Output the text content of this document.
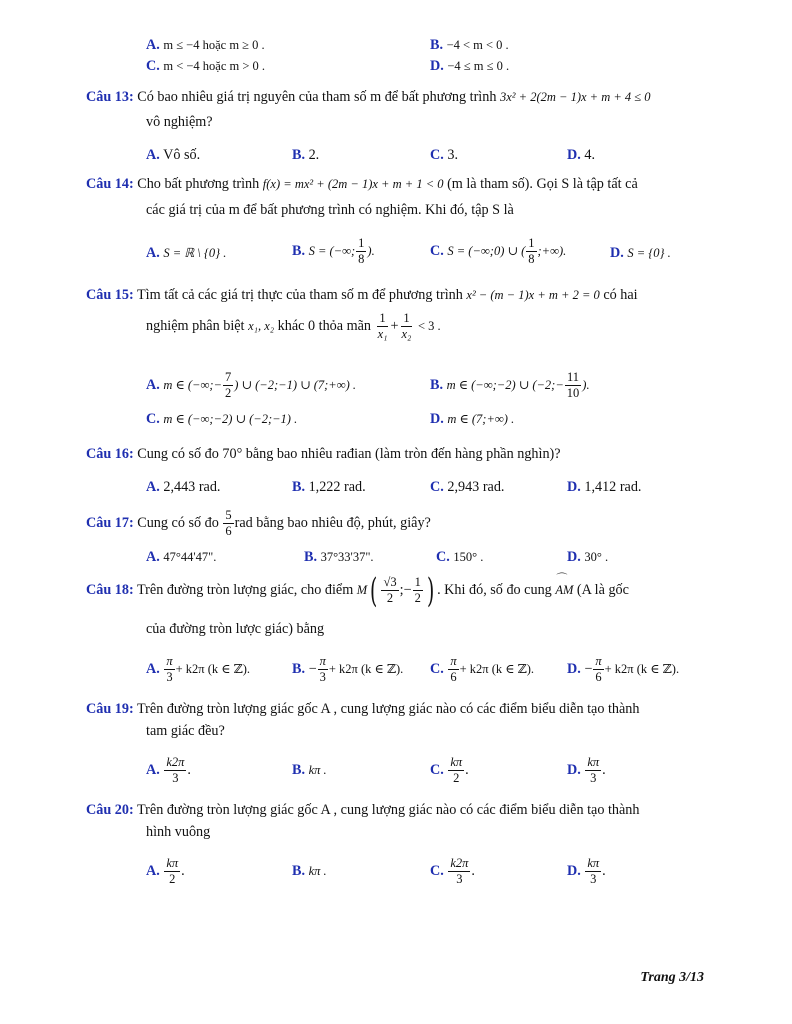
A. m ≤ −4 hoặc m ≥ 0 .	B. −4 < m < 0 .
C. m < −4 hoặc m > 0 .	D. −4 ≤ m ≤ 0 .
Câu 13: Có bao nhiêu giá trị nguyên của tham số m để bất phương trình 3x² + 2(2m − 1)x + m + 4 ≤ 0
vô nghiệm?
A. Vô số.	B. 2.	C. 3.	D. 4.
Câu 14: Cho bất phương trình f(x) = mx² + (2m − 1)x + m + 1 < 0 (m là tham số). Gọi S là tập tất cả
các giá trị của m để bất phương trình có nghiệm. Khi đó, tập S là
A. S = ℝ \ {0} .	B. S = (−∞; $\frac{1}{8}$ ).	C. S = (−∞;0) ∪ ( $\frac{1}{8}$ ;+∞).	D. S = {0} .
Câu 15: Tìm tất cả các giá trị thực của tham số m để phương trình x² − (m − 1)x + m + 2 = 0 có hai
nghiệm phân biệt x₁, x₂ khác 0 thỏa mãn $\frac{1}{\text{x₁}} + \frac{1}{\text{x₂}} < 3$ .
A. m ∈ (−∞;− $\frac{7}{2}$ ) ∪ (−2;−1) ∪ (7;+∞) .	B. m ∈ (−∞;−2) ∪ (−2;− $\frac{11}{10}$ ).
C. m ∈ (−∞;−2) ∪ (−2;−1) .	D. m ∈ (7;+∞) .
Câu 16: Cung có số đo 70° bằng bao nhiêu rađian (làm tròn đến hàng phần nghìn)?
A. 2,443 rad.	B. 1,222 rad.	C. 2,943 rad.	D. 1,412 rad.
Câu 17: Cung có số đo $\frac{5}{6}$ rad bằng bao nhiêu độ, phút, giây?
A. 47°44'47".	B. 37°33'37".	C. 150° .	D. 30° .
Câu 18: Trên đường tròn lượng giác, cho điểm $M( \frac{√3}{2}$ ;− $\frac{1}{2}$ ) . Khi đó, số đo cung ⌒ AM (A là gốc
của đường tròn lược giác) bằng
A. $\frac{\pi}{3} + k2\pi$ (k ∈ ℤ).	B. − $\frac{\pi}{3} + k2\pi$ (k ∈ ℤ). C. $\frac{\pi}{6} + k2\pi$ (k ∈ ℤ). D. − $\frac{\pi}{6} + k2\pi$ (k ∈ ℤ).
Câu 19: Trên đường tròn lượng giác gốc A , cung lượng giác nào có các điểm biểu diễn tạo thành
tam giác đều?
A. $\frac{k2\pi}{3}$ .	B. kπ .	C. $\frac{k\pi}{2}$ .	D. $\frac{k\pi}{3}$ .
Câu 20: Trên đường tròn lượng giác gốc A , cung lượng giác nào có các điểm biểu diễn tạo thành
hình vuông
A. $\frac{k\pi}{2}$ .	B. kπ .	C. $\frac{k2\pi}{3}$ .	D. $\frac{k\pi}{3}$ .
Trang 3/13
